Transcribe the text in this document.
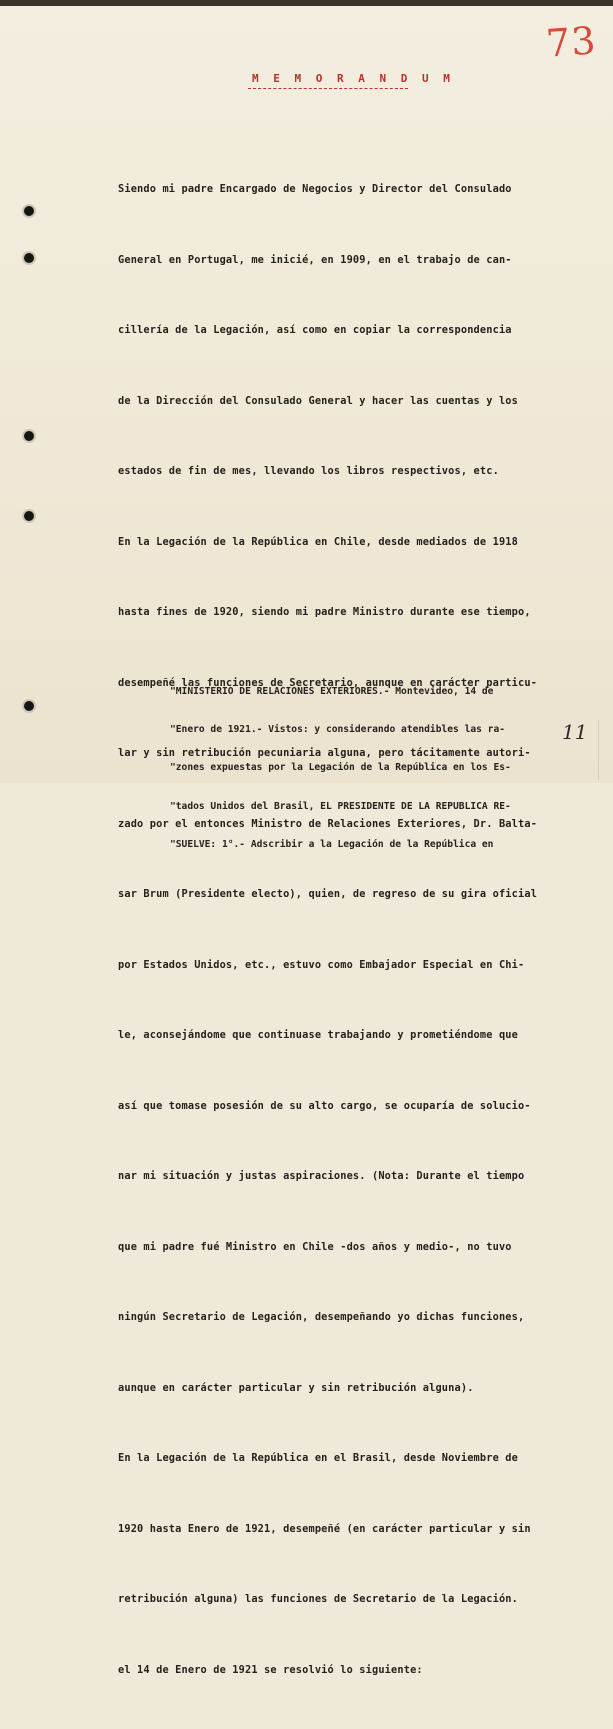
73
M E M O R A N D U M

Siendo mi padre Encargado de Negocios y Director del Consulado

General en Portugal, me inicié, en 1909, en el trabajo de can-

cillería de la Legación, así como en copiar la correspondencia

de la Dirección del Consulado General y hacer las cuentas y los

estados de fin de mes, llevando los libros respectivos, etc.

En la Legación de la República en Chile, desde mediados de 1918

hasta fines de 1920, siendo mi padre Ministro durante ese tiempo,

desempeñé las funciones de Secretario, aunque en carácter particu-

lar y sin retribución pecuniaria alguna, pero tácitamente autori-

zado por el entonces Ministro de Relaciones Exteriores, Dr. Balta-

sar Brum (Presidente electo), quien, de regreso de su gira oficial

por Estados Unidos, etc., estuvo como Embajador Especial en Chi-

le, aconsejándome que continuase trabajando y prometiéndome que

así que tomase posesión de su alto cargo, se ocuparía de solucio-

nar mi situación y justas aspiraciones. (Nota: Durante el tiempo

que mi padre fué Ministro en Chile -dos años y medio-, no tuvo

ningún Secretario de Legación, desempeñando yo dichas funciones,

aunque en carácter particular y sin retribución alguna).

En la Legación de la República en el Brasil, desde Noviembre de

1920 hasta Enero de 1921, desempeñé (en carácter particular y sin

retribución alguna) las funciones de Secretario de la Legación.

el 14 de Enero de 1921 se resolvió lo siguiente:

"MINISTERIO DE RELACIONES EXTERIORES.- Montevideo, 14 de

"Enero de 1921.- Vistos: y considerando atendibles las ra-

"zones expuestas por la Legación de la República en los Es-

"tados Unidos del Brasil, EL PRESIDENTE DE LA REPUBLICA RE-

"SUELVE: 1°.- Adscribir a la Legación de la República en

11
